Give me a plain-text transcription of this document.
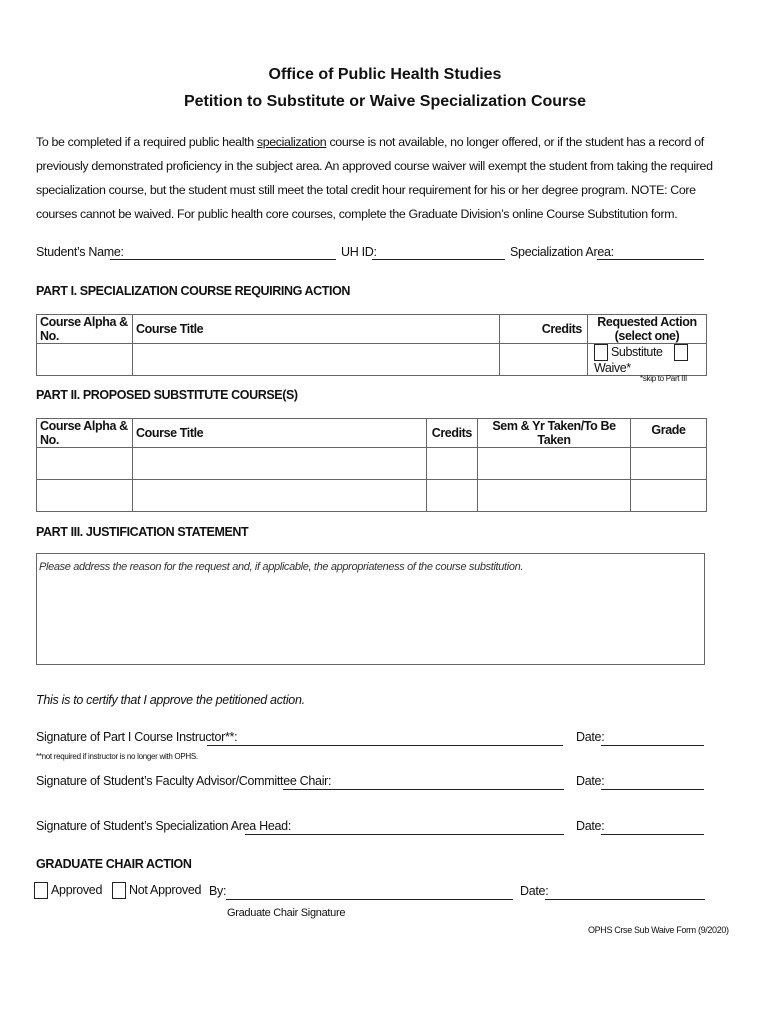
Office of Public Health Studies
Petition to Substitute or Waive Specialization Course
To be completed if a required public health specialization course is not available, no longer offered, or if the student has a record of previously demonstrated proficiency in the subject area. An approved course waiver will exempt the student from taking the required specialization course, but the student must still meet the total credit hour requirement for his or her degree program. NOTE: Core courses cannot be waived. For public health core courses, complete the Graduate Division’s online Course Substitution form.
Student’s Name:	UH ID:	Specialization Area:
PART I. SPECIALIZATION COURSE REQUIRING ACTION
Course Alpha & No.	Course Title	Credits	Requested Action (select one)
			Substitute Waive*
*skip to Part III
PART II. PROPOSED SUBSTITUTE COURSE(S)
Course Alpha & No.	Course Title	Credits	Sem & Yr Taken/To Be Taken	Grade

PART III. JUSTIFICATION STATEMENT
Please address the reason for the request and, if applicable, the appropriateness of the course substitution.
This is to certify that I approve the petitioned action.
Signature of Part I Course Instructor**:	Date:
**not required if instructor is no longer with OPHS.
Signature of Student’s Faculty Advisor/Committee Chair:	Date:
Signature of Student’s Specialization Area Head:	Date:
GRADUATE CHAIR ACTION
Approved	Not Approved By:	Date:
Graduate Chair Signature
OPHS Crse Sub Waive Form (9/2020)
